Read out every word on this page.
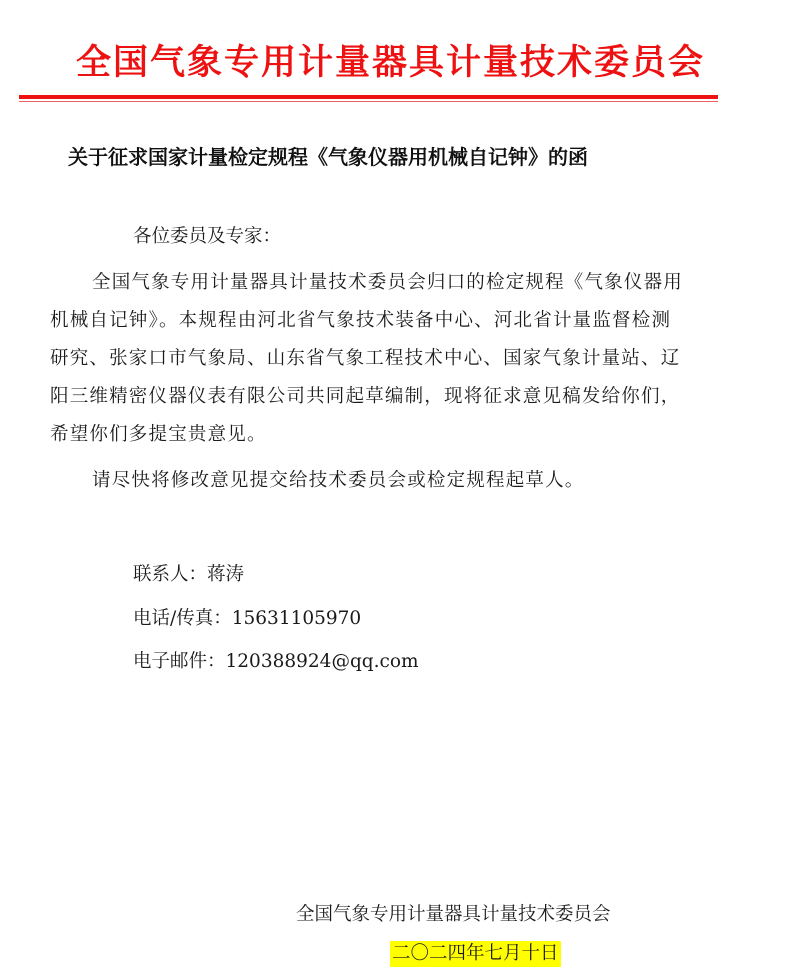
全国气象专用计量器具计量技术委员会
关于征求国家计量检定规程《气象仪器用机械自记钟》的函
各位委员及专家：
全国气象专用计量器具计量技术委员会归口的检定规程《气象仪器用
机械自记钟》。本规程由河北省气象技术装备中心、河北省计量监督检测
研究、张家口市气象局、山东省气象工程技术中心、国家气象计量站、辽
阳三维精密仪器仪表有限公司共同起草编制，现将征求意见稿发给你们，
希望你们多提宝贵意见。
请尽快将修改意见提交给技术委员会或检定规程起草人。
联系人：蒋涛
电话/传真：15631105970
电子邮件：120388924@qq.com
全国气象专用计量器具计量技术委员会
二〇二四年七月十日
